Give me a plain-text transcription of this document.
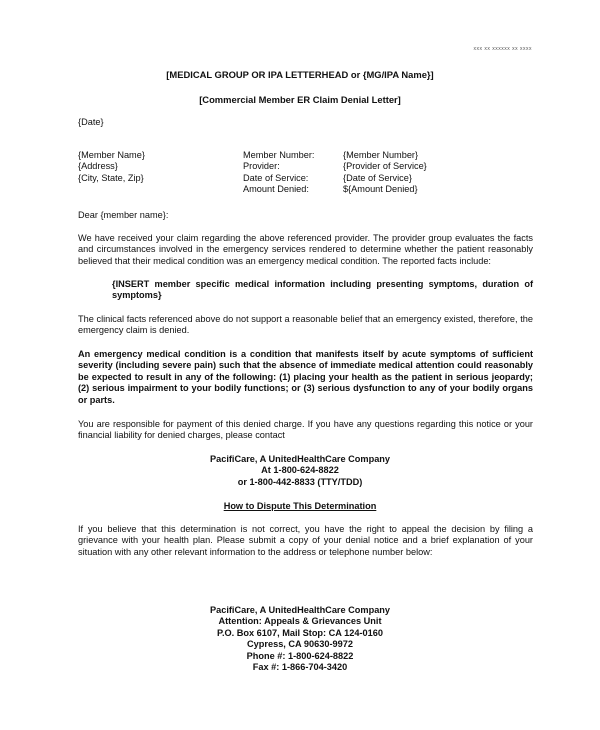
xxx xx xxxxxx xx xxxx
[MEDICAL GROUP OR IPA LETTERHEAD or {MG/IPA Name}]
[Commercial Member ER Claim Denial Letter]
{Date}
{Member Name}
{Address}
{City, State, Zip}
Member Number:
Provider:
Date of Service:
Amount Denied:
{Member Number}
{Provider of Service}
{Date of Service}
${Amount Denied}
Dear {member name}:
We have received your claim regarding the above referenced provider. The provider group evaluates the facts and circumstances involved in the emergency services rendered to determine whether the patient reasonably believed that their medical condition was an emergency medical condition. The reported facts include:
{INSERT member specific medical information including presenting symptoms, duration of symptoms}
The clinical facts referenced above do not support a reasonable belief that an emergency existed, therefore, the emergency claim is denied.
An emergency medical condition is a condition that manifests itself by acute symptoms of sufficient severity (including severe pain) such that the absence of immediate medical attention could reasonably be expected to result in any of the following: (1) placing your health as the patient in serious jeopardy; (2) serious impairment to your bodily functions; or (3) serious dysfunction to any of your bodily organs or parts.
You are responsible for payment of this denied charge. If you have any questions regarding this notice or your financial liability for denied charges, please contact
PacifiCare, A UnitedHealthCare Company
At 1-800-624-8822
or 1-800-442-8833 (TTY/TDD)
How to Dispute This Determination
If you believe that this determination is not correct, you have the right to appeal the decision by filing a grievance with your health plan. Please submit a copy of your denial notice and a brief explanation of your situation with any other relevant information to the address or telephone number below:
PacifiCare, A UnitedHealthCare Company
Attention: Appeals & Grievances Unit
P.O. Box 6107, Mail Stop: CA 124-0160
Cypress, CA 90630-9972
Phone #: 1-800-624-8822
Fax #: 1-866-704-3420
